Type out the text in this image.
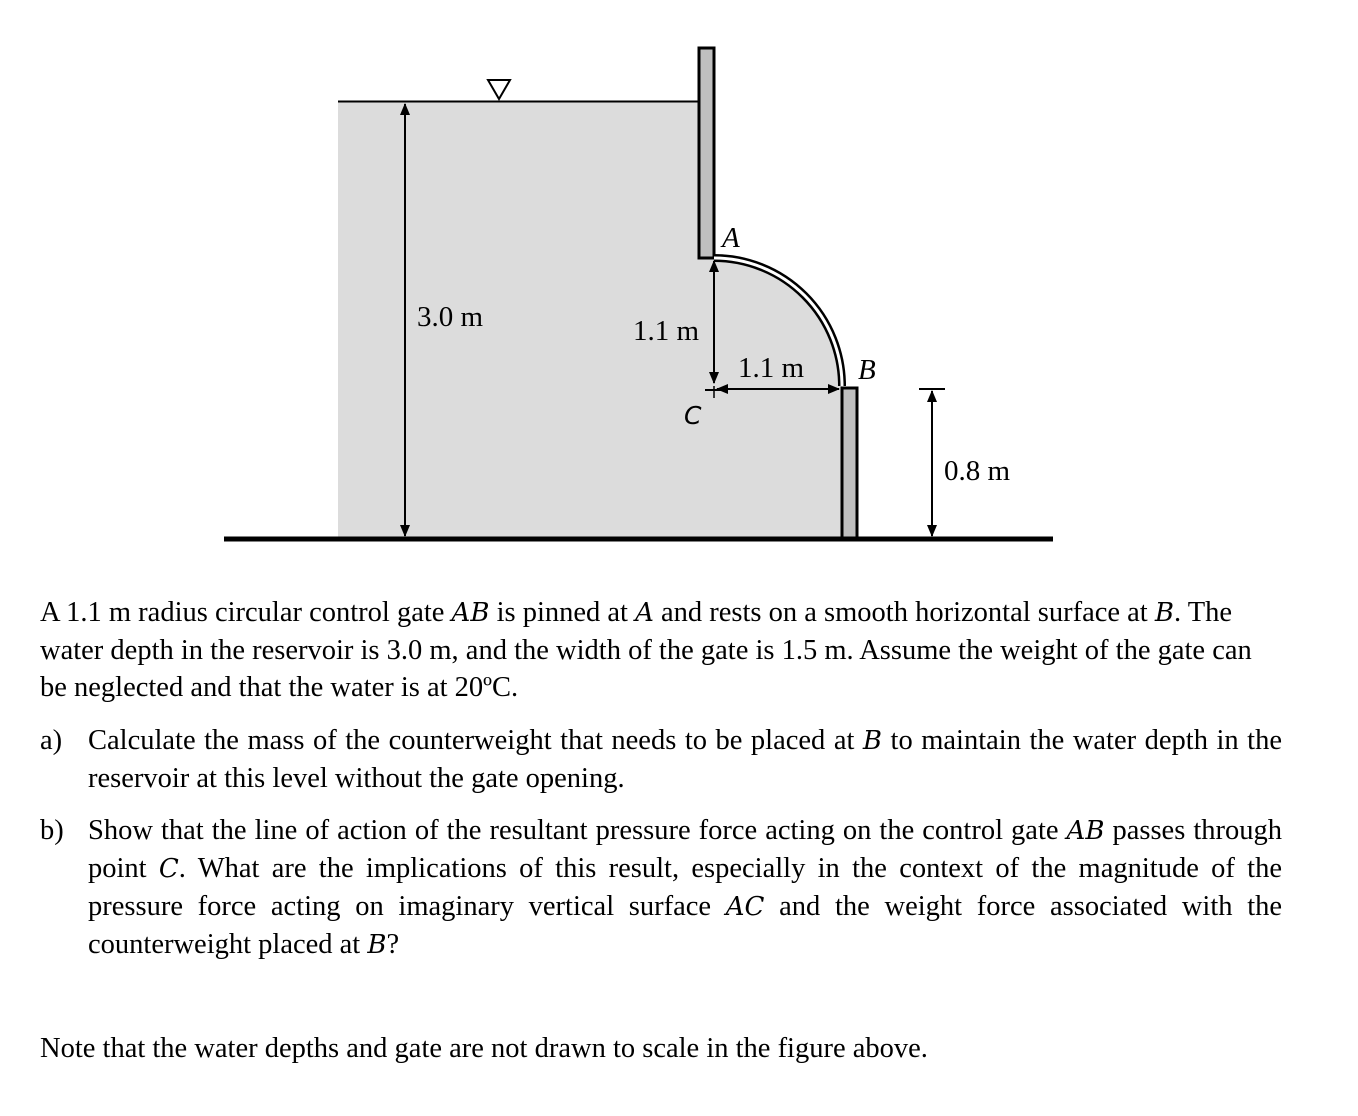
3.0 m	1.1 m
C
1.1 m
A
B
0.8 m

A 1.1 m radius circular control gate AB is pinned at A and rests on a smooth horizontal surface at B. The water depth in the reservoir is 3.0 m, and the width of the gate is 1.5 m. Assume the weight of the gate can be neglected and that the water is at 20ºC.

a) Calculate the mass of the counterweight that needs to be placed at B to maintain the water depth in the reservoir at this level without the gate opening.
b) Show that the line of action of the resultant pressure force acting on the control gate AB passes through point C. What are the implications of this result, especially in the context of the magnitude of the pressure force acting on imaginary vertical surface AC and the weight force associated with the counterweight placed at B?

Note that the water depths and gate are not drawn to scale in the figure above.
